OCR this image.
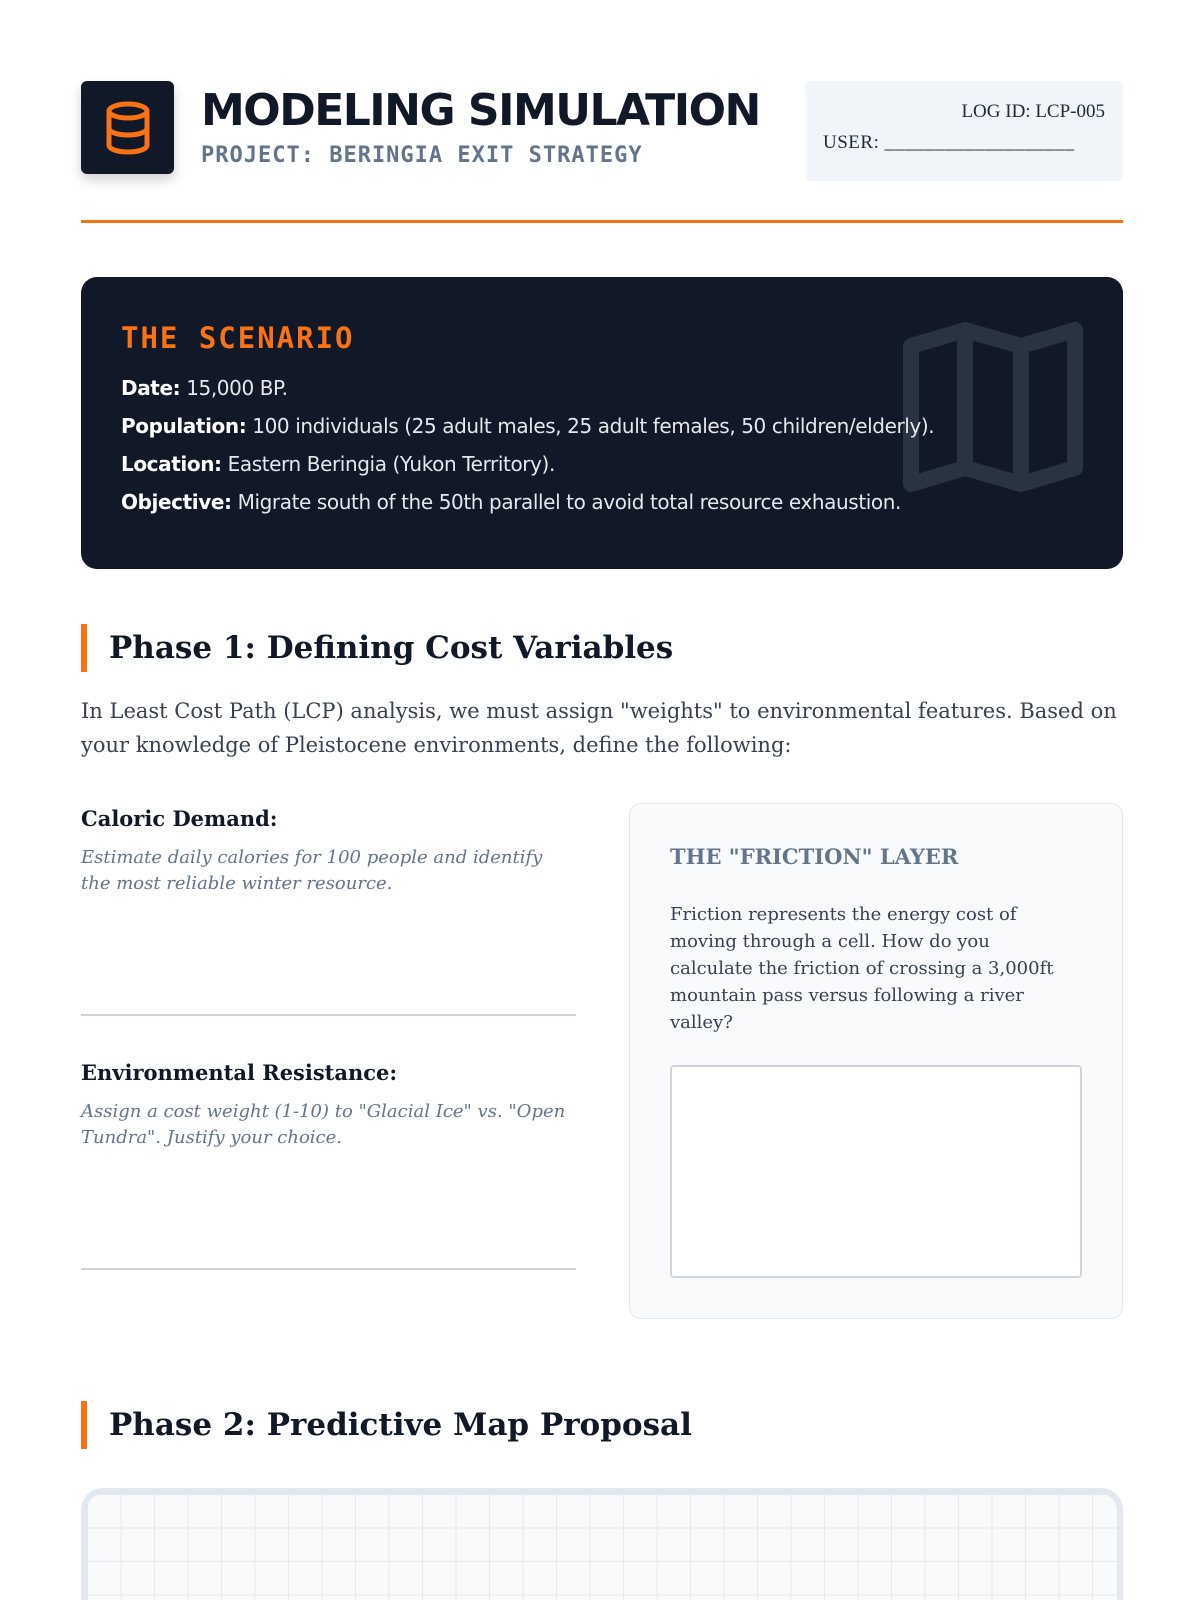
MODELING SIMULATION
PROJECT: BERINGIA EXIT STRATEGY
LOG ID: LCP-005
USER: ___________________
THE SCENARIO
Date: 15,000 BP.
Population: 100 individuals (25 adult males, 25 adult females, 50 children/elderly).
Location: Eastern Beringia (Yukon Territory).
Objective: Migrate south of the 50th parallel to avoid total resource exhaustion.
Phase 1: Defining Cost Variables
In Least Cost Path (LCP) analysis, we must assign "weights" to environmental features. Based on your knowledge of Pleistocene environments, define the following:
Caloric Demand:
Estimate daily calories for 100 people and identify the most reliable winter resource.
Environmental Resistance:
Assign a cost weight (1-10) to "Glacial Ice" vs. "Open Tundra". Justify your choice.
THE "FRICTION" LAYER
Friction represents the energy cost of moving through a cell. How do you calculate the friction of crossing a 3,000ft mountain pass versus following a river valley?
Phase 2: Predictive Map Proposal
